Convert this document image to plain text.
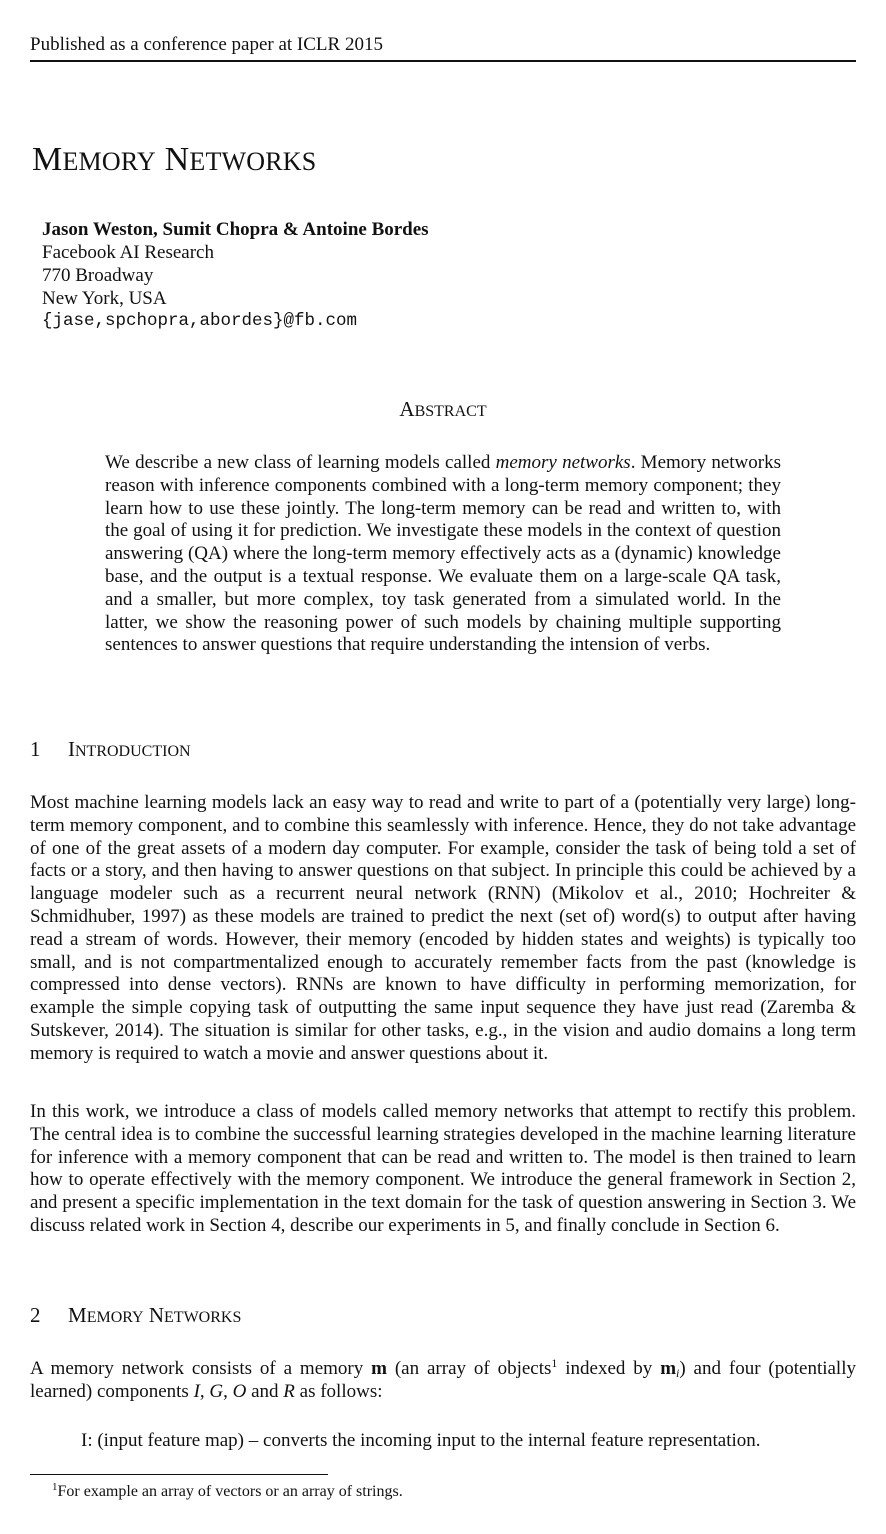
Published as a conference paper at ICLR 2015
MEMORY NETWORKS
Jason Weston, Sumit Chopra & Antoine Bordes
Facebook AI Research
770 Broadway
New York, USA
{jase,spchopra,abordes}@fb.com
ABSTRACT
We describe a new class of learning models called memory networks. Memory networks reason with inference components combined with a long-term memory component; they learn how to use these jointly. The long-term memory can be read and written to, with the goal of using it for prediction. We investigate these models in the context of question answering (QA) where the long-term memory effectively acts as a (dynamic) knowledge base, and the output is a textual response. We evaluate them on a large-scale QA task, and a smaller, but more complex, toy task generated from a simulated world. In the latter, we show the reasoning power of such models by chaining multiple supporting sentences to answer questions that require understanding the intension of verbs.
1 INTRODUCTION
Most machine learning models lack an easy way to read and write to part of a (potentially very large) long-term memory component, and to combine this seamlessly with inference. Hence, they do not take advantage of one of the great assets of a modern day computer. For example, consider the task of being told a set of facts or a story, and then having to answer questions on that subject. In principle this could be achieved by a language modeler such as a recurrent neural network (RNN) (Mikolov et al., 2010; Hochreiter & Schmidhuber, 1997) as these models are trained to predict the next (set of) word(s) to output after having read a stream of words. However, their memory (encoded by hidden states and weights) is typically too small, and is not compartmentalized enough to accurately remember facts from the past (knowledge is compressed into dense vectors). RNNs are known to have difficulty in performing memorization, for example the simple copying task of outputting the same input sequence they have just read (Zaremba & Sutskever, 2014). The situation is similar for other tasks, e.g., in the vision and audio domains a long term memory is required to watch a movie and answer questions about it.
In this work, we introduce a class of models called memory networks that attempt to rectify this problem. The central idea is to combine the successful learning strategies developed in the machine learning literature for inference with a memory component that can be read and written to. The model is then trained to learn how to operate effectively with the memory component. We introduce the general framework in Section 2, and present a specific implementation in the text domain for the task of question answering in Section 3. We discuss related work in Section 4, describe our experiments in 5, and finally conclude in Section 6.
2 MEMORY NETWORKS
A memory network consists of a memory m (an array of objects$^1$ indexed by $m_i$) and four (potentially learned) components I, G, O and R as follows:
I: (input feature map) – converts the incoming input to the internal feature representation.
$^1$For example an array of vectors or an array of strings.
